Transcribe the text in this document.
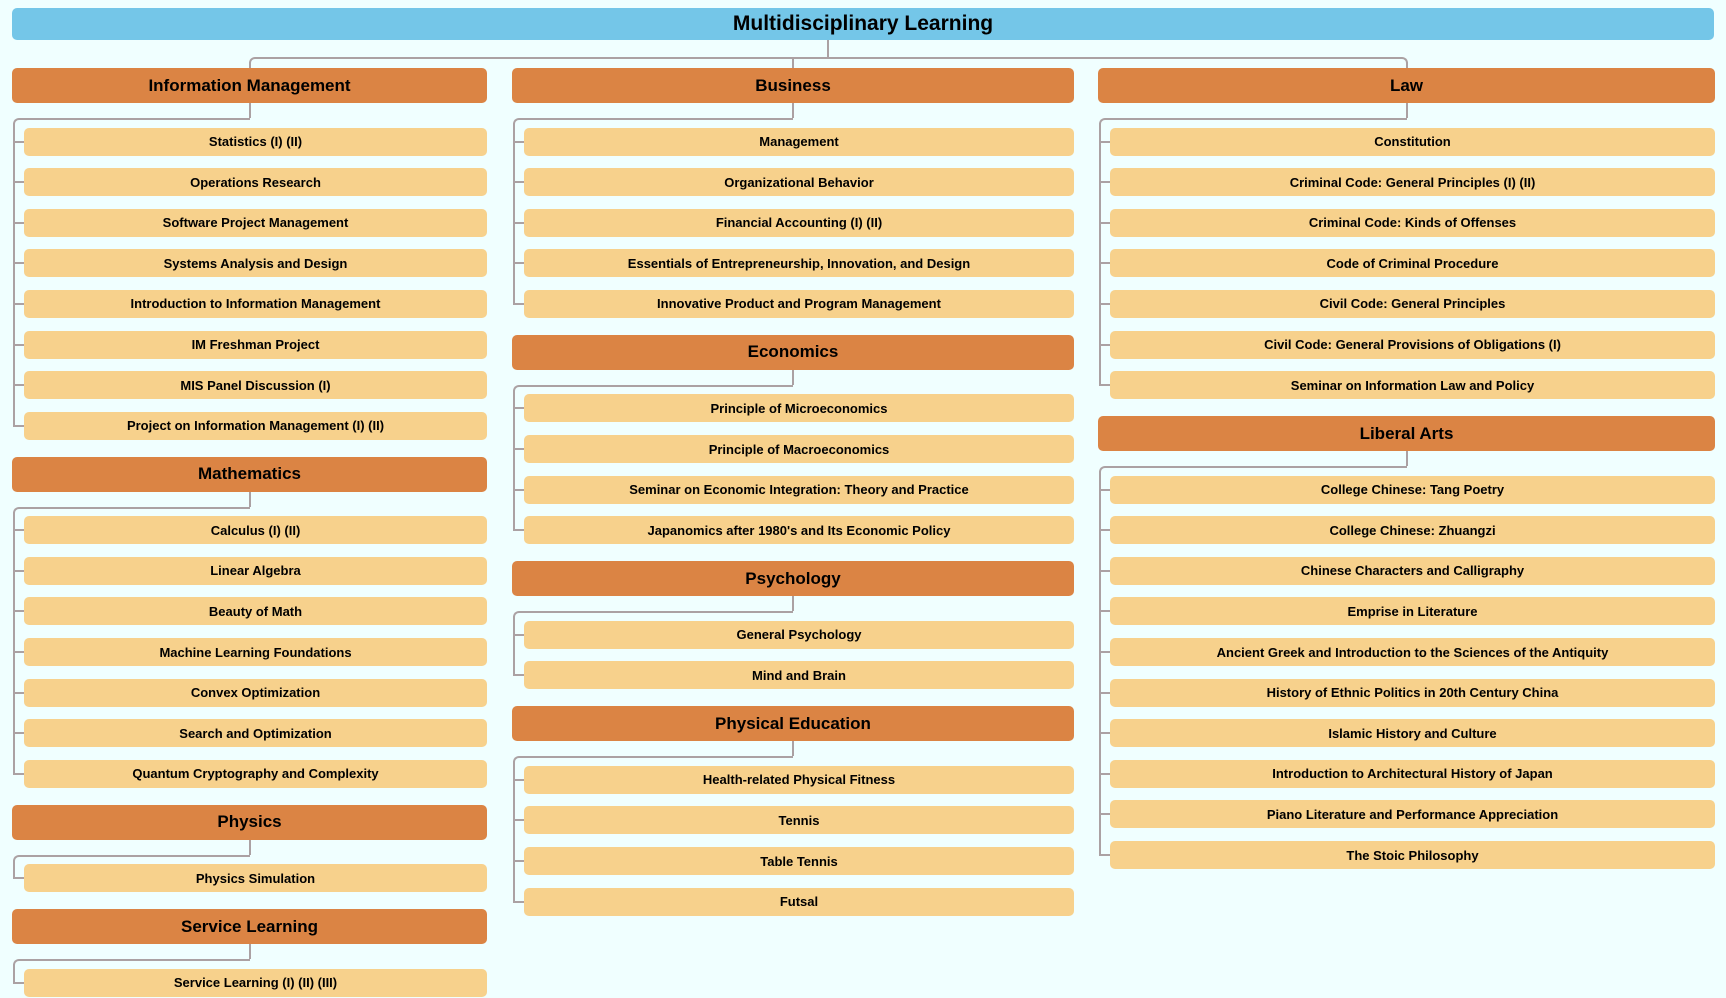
Multidisciplinary Learning
Information Management
Statistics (I) (II)
Operations Research
Software Project Management
Systems Analysis and Design
Introduction to Information Management
IM Freshman Project
MIS Panel Discussion (I)
Project on Information Management (I) (II)
Mathematics
Calculus (I) (II)
Linear Algebra
Beauty of Math
Machine Learning Foundations
Convex Optimization
Search and Optimization
Quantum Cryptography and Complexity
Physics
Physics Simulation
Service Learning
Service Learning (I) (II) (III)
Business
Management
Organizational Behavior
Financial Accounting (I) (II)
Essentials of Entrepreneurship, Innovation, and Design
Innovative Product and Program Management
Economics
Principle of Microeconomics
Principle of Macroeconomics
Seminar on Economic Integration: Theory and Practice
Japanomics after 1980's and Its Economic Policy
Psychology
General Psychology
Mind and Brain
Physical Education
Health-related Physical Fitness
Tennis
Table Tennis
Futsal
Law
Constitution
Criminal Code: General Principles (I) (II)
Criminal Code: Kinds of Offenses
Code of Criminal Procedure
Civil Code: General Principles
Civil Code: General Provisions of Obligations (I)
Seminar on Information Law and Policy
Liberal Arts
College Chinese: Tang Poetry
College Chinese: Zhuangzi
Chinese Characters and Calligraphy
Emprise in Literature
Ancient Greek and Introduction to the Sciences of the Antiquity
History of Ethnic Politics in 20th Century China
Islamic History and Culture
Introduction to Architectural History of Japan
Piano Literature and Performance Appreciation
The Stoic Philosophy
